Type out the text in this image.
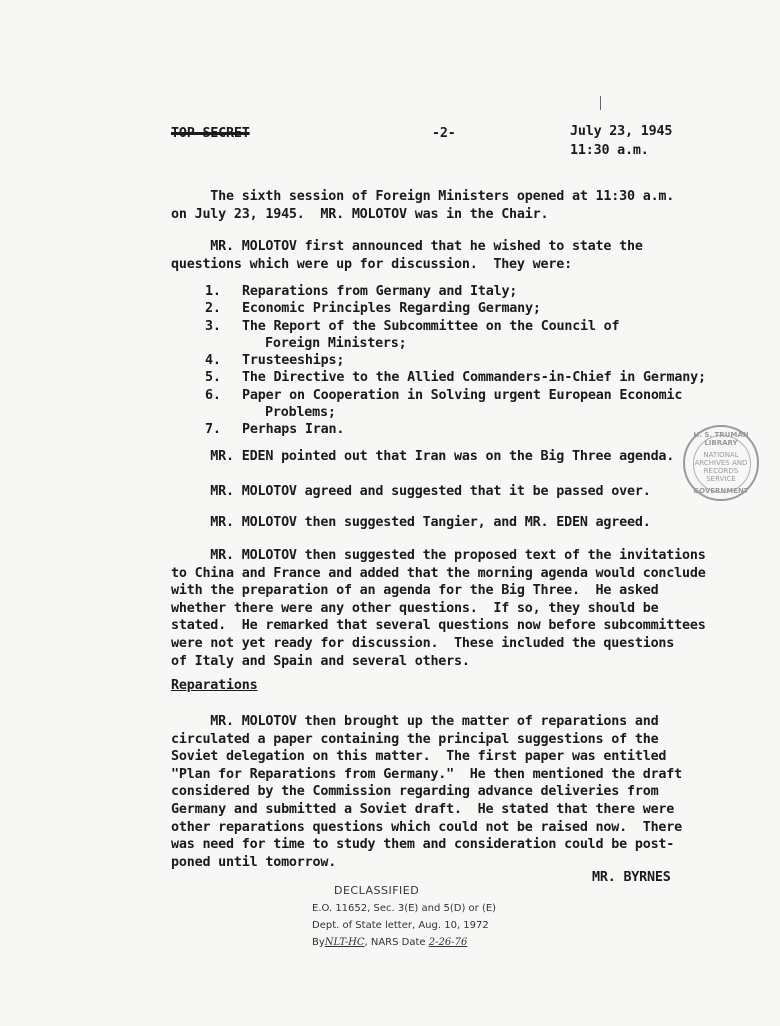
TOP SECRET	-2-	July 23, 1945
11:30 a.m.
The sixth session of Foreign Ministers opened at 11:30 a.m.
on July 23, 1945.  MR. MOLOTOV was in the Chair.
MR. MOLOTOV first announced that he wished to state the
questions which were up for discussion.  They were:
1.	Reparations from Germany and Italy;
2.	Economic Principles Regarding Germany;
3.	The Report of the Subcommittee on the Council of
Foreign Ministers;
4.	Trusteeships;
5.	The Directive to the Allied Commanders-in-Chief in Germany;
6.	Paper on Cooperation in Solving urgent European Economic
Problems;
7.	Perhaps Iran.
MR. EDEN pointed out that Iran was on the Big Three agenda.
MR. MOLOTOV agreed and suggested that it be passed over.
MR. MOLOTOV then suggested Tangier, and MR. EDEN agreed.
MR. MOLOTOV then suggested the proposed text of the invitations
to China and France and added that the morning agenda would conclude
with the preparation of an agenda for the Big Three.  He asked
whether there were any other questions.  If so, they should be
stated.  He remarked that several questions now before subcommittees
were not yet ready for discussion.  These included the questions
of Italy and Spain and several others.
Reparations
MR. MOLOTOV then brought up the matter of reparations and
circulated a paper containing the principal suggestions of the
Soviet delegation on this matter.  The first paper was entitled
"Plan for Reparations from Germany."  He then mentioned the draft
considered by the Commission regarding advance deliveries from
Germany and submitted a Soviet draft.  He stated that there were
other reparations questions which could not be raised now.  There
was need for time to study them and consideration could be post-
poned until tomorrow.
MR. BYRNES
H. S. TRUMAN LIBRARY
NATIONAL
ARCHIVES AND
RECORDS
SERVICE
GOVERNMENT
DECLASSIFIED
E.O. 11652, Sec. 3(E) and 5(D) or (E)
Dept. of State letter, Aug. 10, 1972
ByNLT-HC, NARS Date 2-26-76
